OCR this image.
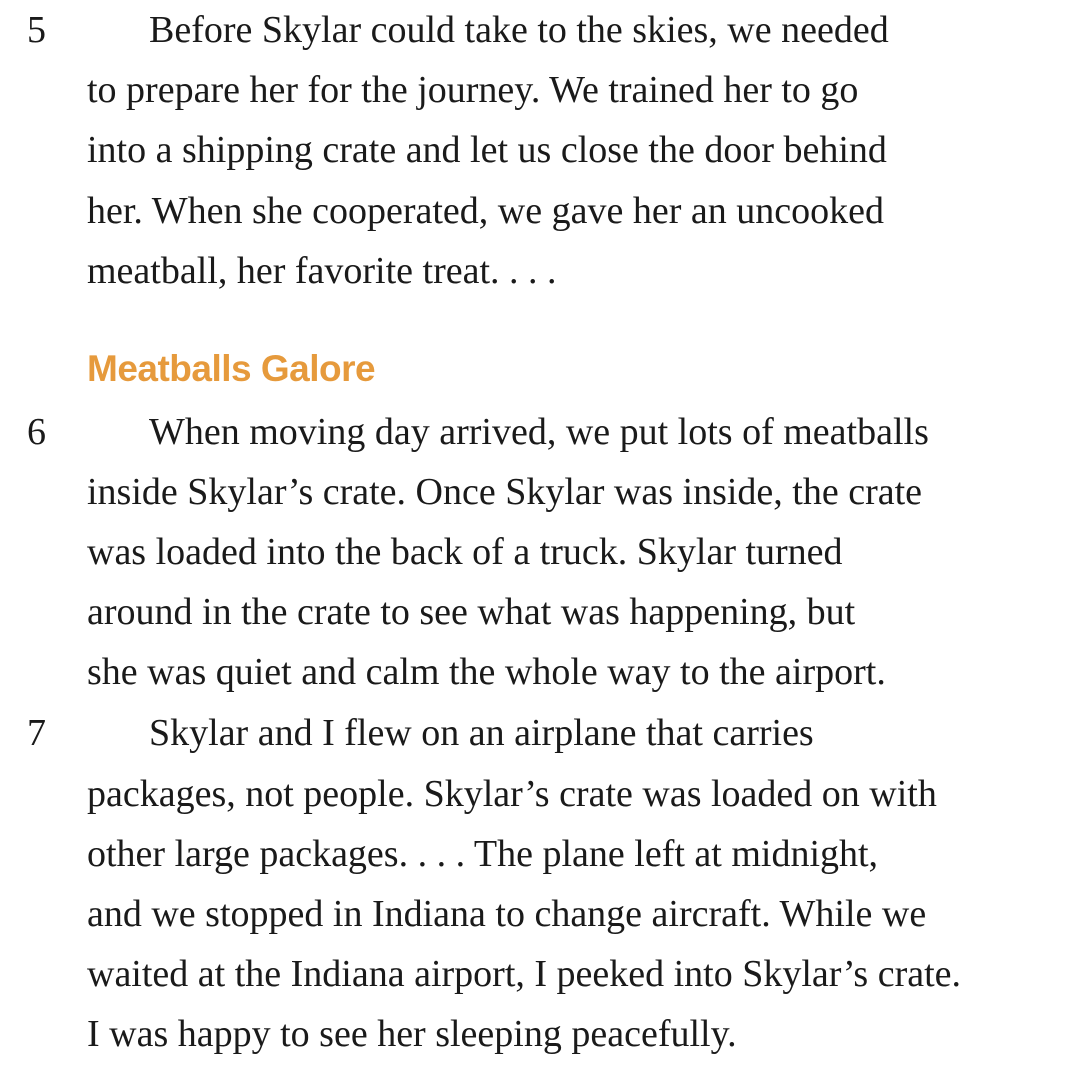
5	Before Skylar could take to the skies, we needed
to prepare her for the journey. We trained her to go
into a shipping crate and let us close the door behind
her. When she cooperated, we gave her an uncooked
meatball, her favorite treat. . . .
Meatballs Galore
6	When moving day arrived, we put lots of meatballs
inside Skylar’s crate. Once Skylar was inside, the crate
was loaded into the back of a truck. Skylar turned
around in the crate to see what was happening, but
she was quiet and calm the whole way to the airport.
7	Skylar and I flew on an airplane that carries
packages, not people. Skylar’s crate was loaded on with
other large packages. . . . The plane left at midnight,
and we stopped in Indiana to change aircraft. While we
waited at the Indiana airport, I peeked into Skylar’s crate.
I was happy to see her sleeping peacefully.
